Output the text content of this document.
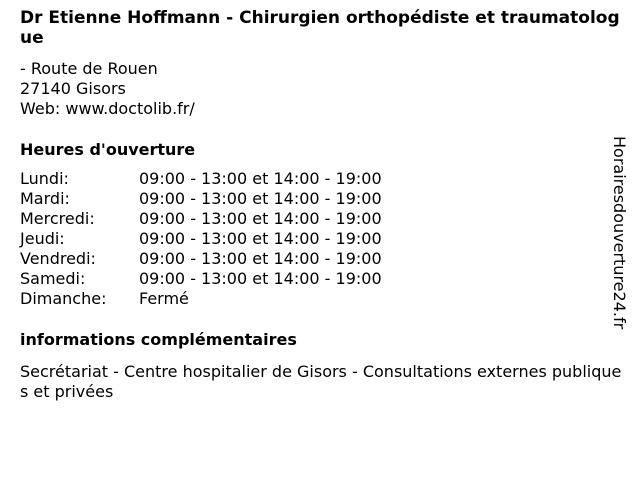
Dr Etienne Hoffmann - Chirurgien orthopédiste et traumatologue
- Route de Rouen
27140 Gisors
Web: www.doctolib.fr/
Heures d'ouverture
Lundi:	09:00 - 13:00 et 14:00 - 19:00
Mardi:	09:00 - 13:00 et 14:00 - 19:00
Mercredi:	09:00 - 13:00 et 14:00 - 19:00
Jeudi:	09:00 - 13:00 et 14:00 - 19:00
Vendredi:	09:00 - 13:00 et 14:00 - 19:00
Samedi:	09:00 - 13:00 et 14:00 - 19:00
Dimanche:	Fermé
informations complémentaires
Secrétariat - Centre hospitalier de Gisors - Consultations externes publiques et privées
Horairesdouverture24.fr
